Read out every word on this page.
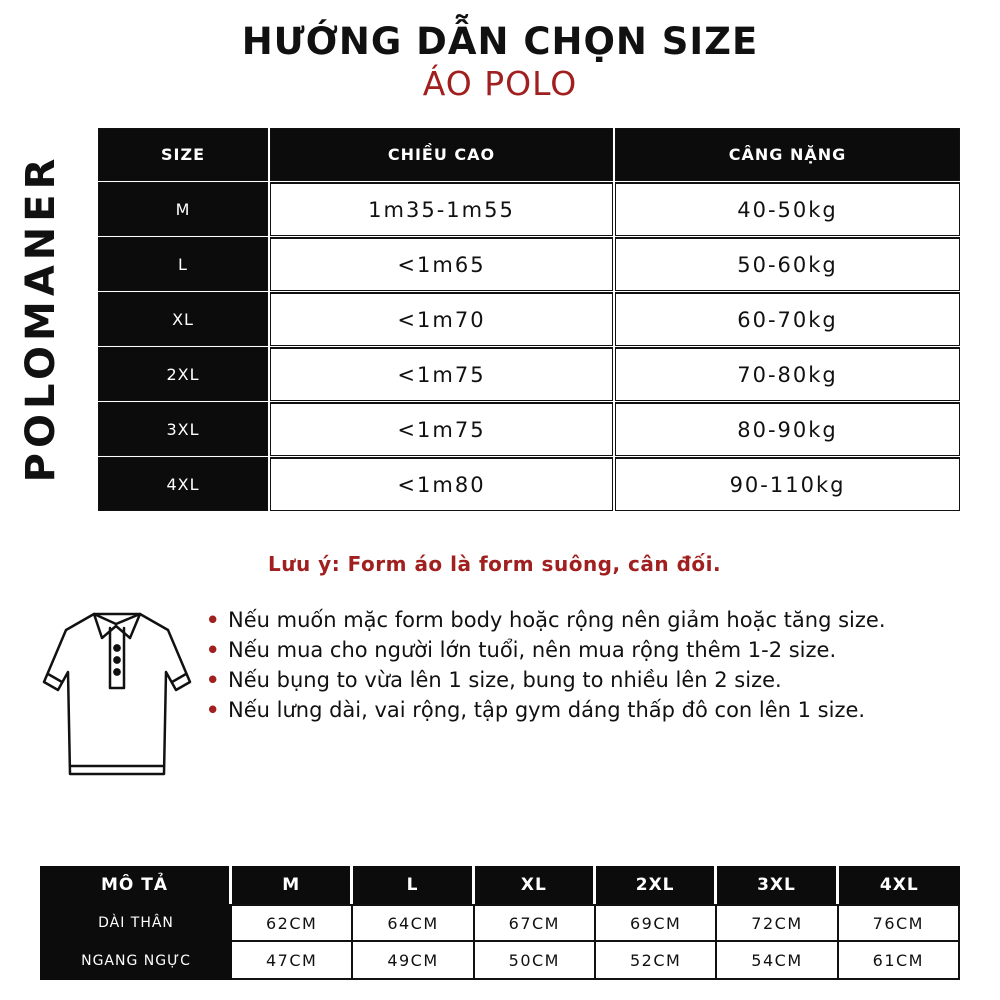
HƯỚNG DẪN CHỌN SIZE
ÁO POLO
POLOMANER	SIZE	CHIỀU CAO	CÂNG NẶNG
M	1m35-1m55	40-50kg
L	<1m65	50-60kg
XL	<1m70	60-70kg
2XL	<1m75	70-80kg
3XL	<1m75	80-90kg
4XL	<1m80	90-110kg
Lưu ý: Form áo là form suông, cân đối.
• Nếu muốn mặc form body hoặc rộng nên giảm hoặc tăng size.
• Nếu mua cho người lớn tuổi, nên mua rộng thêm 1-2 size.
• Nếu bụng to vừa lên 1 size, bung to nhiều lên 2 size.
• Nếu lưng dài, vai rộng, tập gym dáng thấp đô con lên 1 size.
MÔ TẢ	M	L	XL	2XL	3XL	4XL
DÀI THÂN	62CM	64CM	67CM	69CM	72CM	76CM
NGANG NGỰC	47CM	49CM	50CM	52CM	54CM	61CM
